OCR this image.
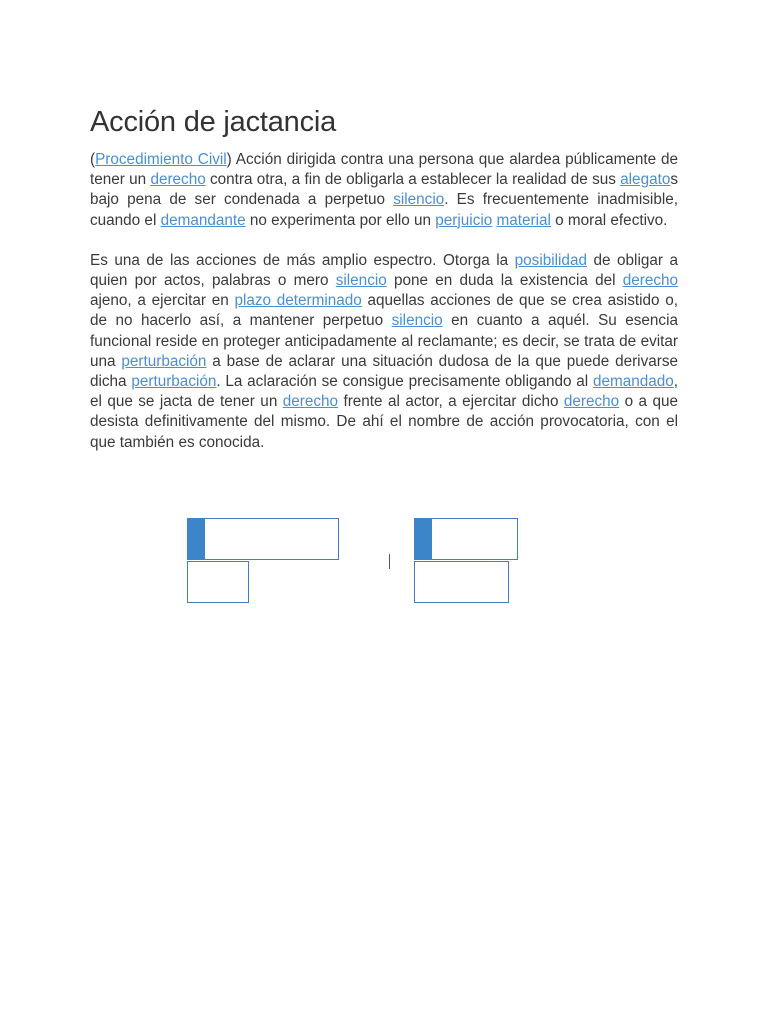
Acción de jactancia

(Procedimiento Civil) Acción dirigida contra una persona que alardea públicamente de tener un derecho contra otra, a fin de obligarla a establecer la realidad de sus alegatos bajo pena de ser condenada a perpetuo silencio. Es frecuentemente inadmisible, cuando el demandante no experimenta por ello un perjuicio material o moral efectivo.

Es una de las acciones de más amplio espectro. Otorga la posibilidad de obligar a quien por actos, palabras o mero silencio pone en duda la existencia del derecho ajeno, a ejercitar en plazo determinado aquellas acciones de que se crea asistido o, de no hacerlo así, a mantener perpetuo silencio en cuanto a aquél. Su esencia funcional reside en proteger anticipadamente al reclamante; es decir, se trata de evitar una perturbación a base de aclarar una situación dudosa de la que puede derivarse dicha perturbación. La aclaración se consigue precisamente obligando al demandado, el que se jacta de tener un derecho frente al actor, a ejercitar dicho derecho o a que desista definitivamente del mismo. De ahí el nombre de acción provocatoria, con el que también es conocida.
